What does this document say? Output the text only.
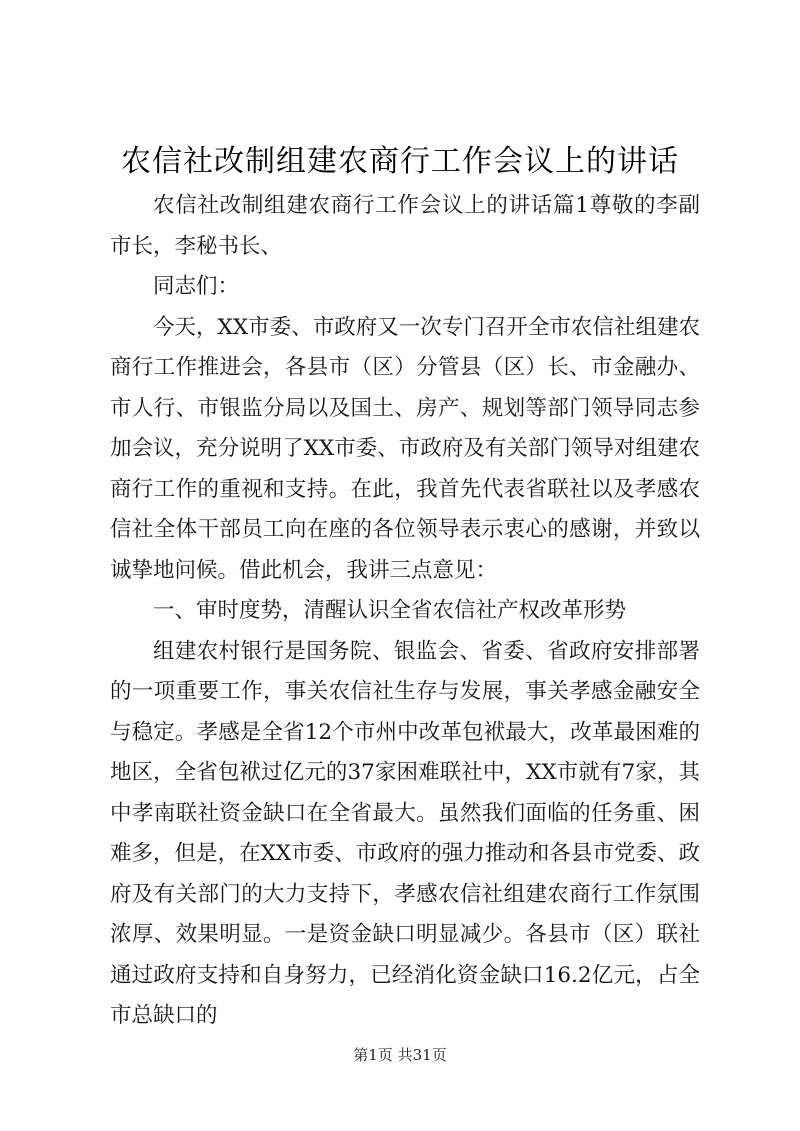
农信社改制组建农商行工作会议上的讲话

农信社改制组建农商行工作会议上的讲话篇1尊敬的李副市长，李秘书长、

同志们：

今天，XX市委、市政府又一次专门召开全市农信社组建农商行工作推进会，各县市（区）分管县（区）长、市金融办、市人行、市银监分局以及国土、房产、规划等部门领导同志参加会议，充分说明了XX市委、市政府及有关部门领导对组建农商行工作的重视和支持。在此，我首先代表省联社以及孝感农信社全体干部员工向在座的各位领导表示衷心的感谢，并致以诚挚地问候。借此机会，我讲三点意见：

一、审时度势，清醒认识全省农信社产权改革形势

组建农村银行是国务院、银监会、省委、省政府安排部署的一项重要工作，事关农信社生存与发展，事关孝感金融安全与稳定。孝感是全省12个市州中改革包袱最大，改革最困难的地区，全省包袱过亿元的37家困难联社中，XX市就有7家，其中孝南联社资金缺口在全省最大。虽然我们面临的任务重、困难多，但是，在XX市委、市政府的强力推动和各县市党委、政府及有关部门的大力支持下，孝感农信社组建农商行工作氛围浓厚、效果明显。一是资金缺口明显减少。各县市（区）联社通过政府支持和自身努力，已经消化资金缺口16.2亿元，占全市总缺口的

第1页 共31页
